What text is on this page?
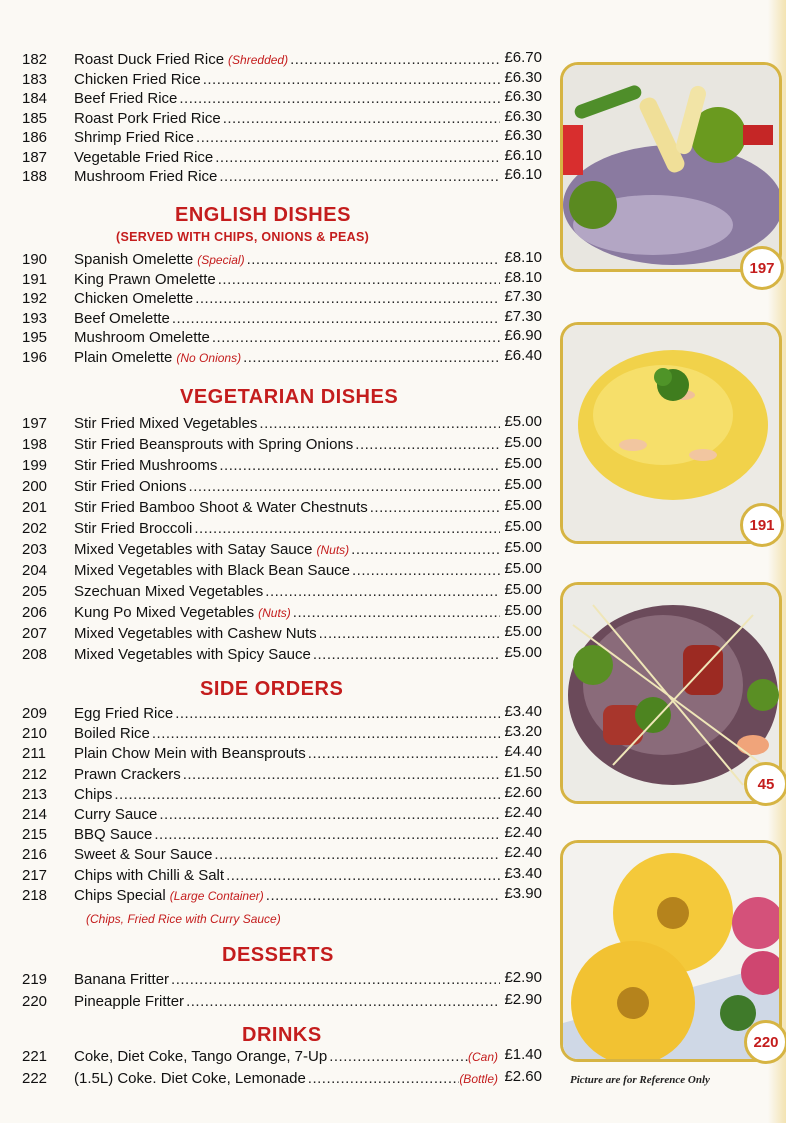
182	Roast Duck Fried Rice (Shredded) .....	£6.70
183	Chicken Fried Rice .....	£6.30
184	Beef Fried Rice .....	£6.30
185	Roast Pork Fried Rice .....	£6.30
186	Shrimp Fried Rice .....	£6.30
187	Vegetable Fried Rice .....	£6.10
188	Mushroom Fried Rice .....	£6.10
ENGLISH DISHES
(SERVED WITH CHIPS, ONIONS & PEAS)
190	Spanish Omelette (Special) .....	£8.10
191	King Prawn Omelette .....	£8.10
192	Chicken Omelette .....	£7.30
193	Beef Omelette .....	£7.30
195	Mushroom Omelette .....	£6.90
196	Plain Omelette (No Onions) .....	£6.40
VEGETARIAN DISHES
197	Stir Fried Mixed Vegetables .....	£5.00
198	Stir Fried Beansprouts with Spring Onions .....	£5.00
199	Stir Fried Mushrooms .....	£5.00
200	Stir Fried Onions .....	£5.00
201	Stir Fried Bamboo Shoot & Water Chestnuts .....	£5.00
202	Stir Fried Broccoli .....	£5.00
203	Mixed Vegetables with Satay Sauce (Nuts) .....	£5.00
204	Mixed Vegetables with Black Bean Sauce .....	£5.00
205	Szechuan Mixed Vegetables .....	£5.00
206	Kung Po Mixed Vegetables (Nuts) .....	£5.00
207	Mixed Vegetables with Cashew Nuts .....	£5.00
208	Mixed Vegetables with Spicy Sauce .....	£5.00
SIDE ORDERS
209	Egg Fried Rice .....	£3.40
210	Boiled Rice .....	£3.20
211	Plain Chow Mein with Beansprouts .....	£4.40
212	Prawn Crackers .....	£1.50
213	Chips .....	£2.60
214	Curry Sauce .....	£2.40
215	BBQ Sauce .....	£2.40
216	Sweet & Sour Sauce .....	£2.40
217	Chips with Chilli & Salt .....	£3.40
218	Chips Special (Large Container) .....	£3.90
(Chips, Fried Rice with Curry Sauce)
DESSERTS
219	Banana Fritter .....	£2.90
220	Pineapple Fritter .....	£2.90
DRINKS
221	Coke, Diet Coke, Tango Orange, 7-Up .....	(Can) £1.40
222	(1.5L) Coke. Diet Coke, Lemonade .....	(Bottle) £2.60
197
191
45
220
Picture are for Reference Only
